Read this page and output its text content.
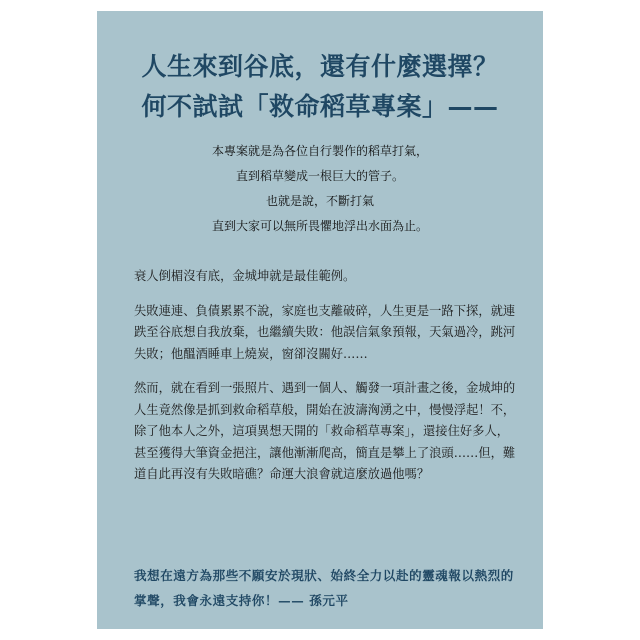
人生來到谷底，還有什麼選擇？
何不試試「救命稻草專案」——
本專案就是為各位自行製作的稻草打氣，
直到稻草變成一根巨大的管子。
也就是說，不斷打氣
直到大家可以無所畏懼地浮出水面為止。

衰人倒楣沒有底，金城坤就是最佳範例。

失敗連連、負債累累不說，家庭也支離破碎，人生更是一路下探，就連跌至谷底想自我放棄，也繼續失敗：他誤信氣象預報，天氣過冷，跳河失敗；他醞酒睡車上燒炭，窗卻沒關好……

然而，就在看到一張照片、遇到一個人、觸發一項計畫之後，金城坤的人生竟然像是抓到救命稻草般，開始在波濤洶湧之中，慢慢浮起！不，除了他本人之外，這項異想天開的「救命稻草專案」，還接住好多人，甚至獲得大筆資金挹注，讓他漸漸爬高，簡直是攀上了浪頭……但，難道自此再沒有失敗暗礁？命運大浪會就這麼放過他嗎？

我想在遠方為那些不願安於現狀、始終全力以赴的靈魂報以熱烈的掌聲，我會永遠支持你！—— 孫元平
